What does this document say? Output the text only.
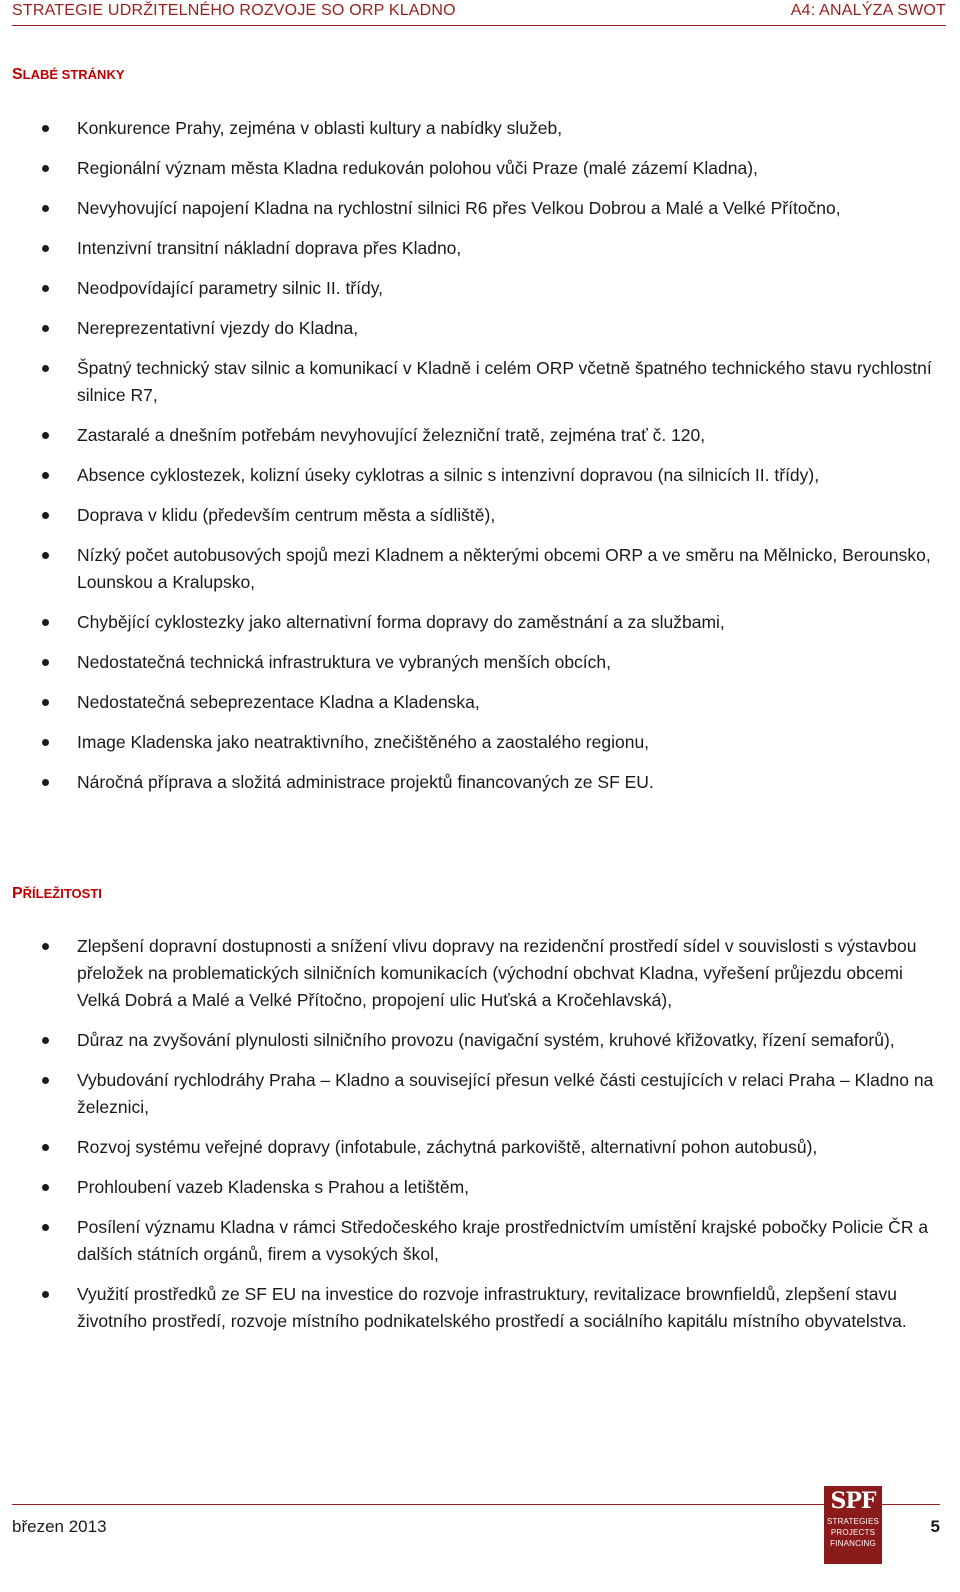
STRATEGIE UDRŽITELNÉHO ROZVOJE SO ORP KLADNO	A4: ANALÝZA SWOT
SLABÉ STRÁNKY
Konkurence Prahy, zejména v oblasti kultury a nabídky služeb,
Regionální význam města Kladna redukován polohou vůči Praze (malé zázemí Kladna),
Nevyhovující napojení Kladna na rychlostní silnici R6 přes Velkou Dobrou a Malé a Velké Přítočno,
Intenzivní transitní nákladní doprava přes Kladno,
Neodpovídající parametry silnic II. třídy,
Nereprezentativní vjezdy do Kladna,
Špatný technický stav silnic a komunikací v Kladně i celém ORP včetně špatného technického stavu rychlostní silnice R7,
Zastaralé a dnešním potřebám nevyhovující železniční tratě, zejména trať č. 120,
Absence cyklostezek, kolizní úseky cyklotras a silnic s intenzivní dopravou (na silnicích II. třídy),
Doprava v klidu (především centrum města a sídliště),
Nízký počet autobusových spojů mezi Kladnem a některými obcemi ORP a ve směru na Mělnicko, Berounsko, Lounskou a Kralupsko,
Chybějící cyklostezky jako alternativní forma dopravy do zaměstnání a za službami,
Nedostatečná technická infrastruktura ve vybraných menších obcích,
Nedostatečná sebeprezentace Kladna a Kladenska,
Image Kladenska jako neatraktivního, znečištěného a zaostalého regionu,
Náročná příprava a složitá administrace projektů financovaných ze SF EU.
PŘÍLEŽITOSTI
Zlepšení dopravní dostupnosti a snížení vlivu dopravy na rezidenční prostředí sídel v souvislosti s výstavbou přeložek na problematických silničních komunikacích (východní obchvat Kladna, vyřešení průjezdu obcemi Velká Dobrá a Malé a Velké Přítočno, propojení ulic Huťská a Kročehlavská),
Důraz na zvyšování plynulosti silničního provozu (navigační systém, kruhové křižovatky, řízení semaforů),
Vybudování rychlodráhy Praha – Kladno a související přesun velké části cestujících v relaci Praha – Kladno na železnici,
Rozvoj systému veřejné dopravy (infotabule, záchytná parkoviště, alternativní pohon autobusů),
Prohloubení vazeb Kladenska s Prahou a letištěm,
Posílení významu Kladna v rámci Středočeského kraje prostřednictvím umístění krajské pobočky Policie ČR a dalších státních orgánů, firem a vysokých škol,
Využití prostředků ze SF EU na investice do rozvoje infrastruktury, revitalizace brownfieldů, zlepšení stavu životního prostředí, rozvoje místního podnikatelského prostředí a sociálního kapitálu místního obyvatelstva.
březen 2013
SPF
STRATEGIES
PROJECTS
FINANCING
5
